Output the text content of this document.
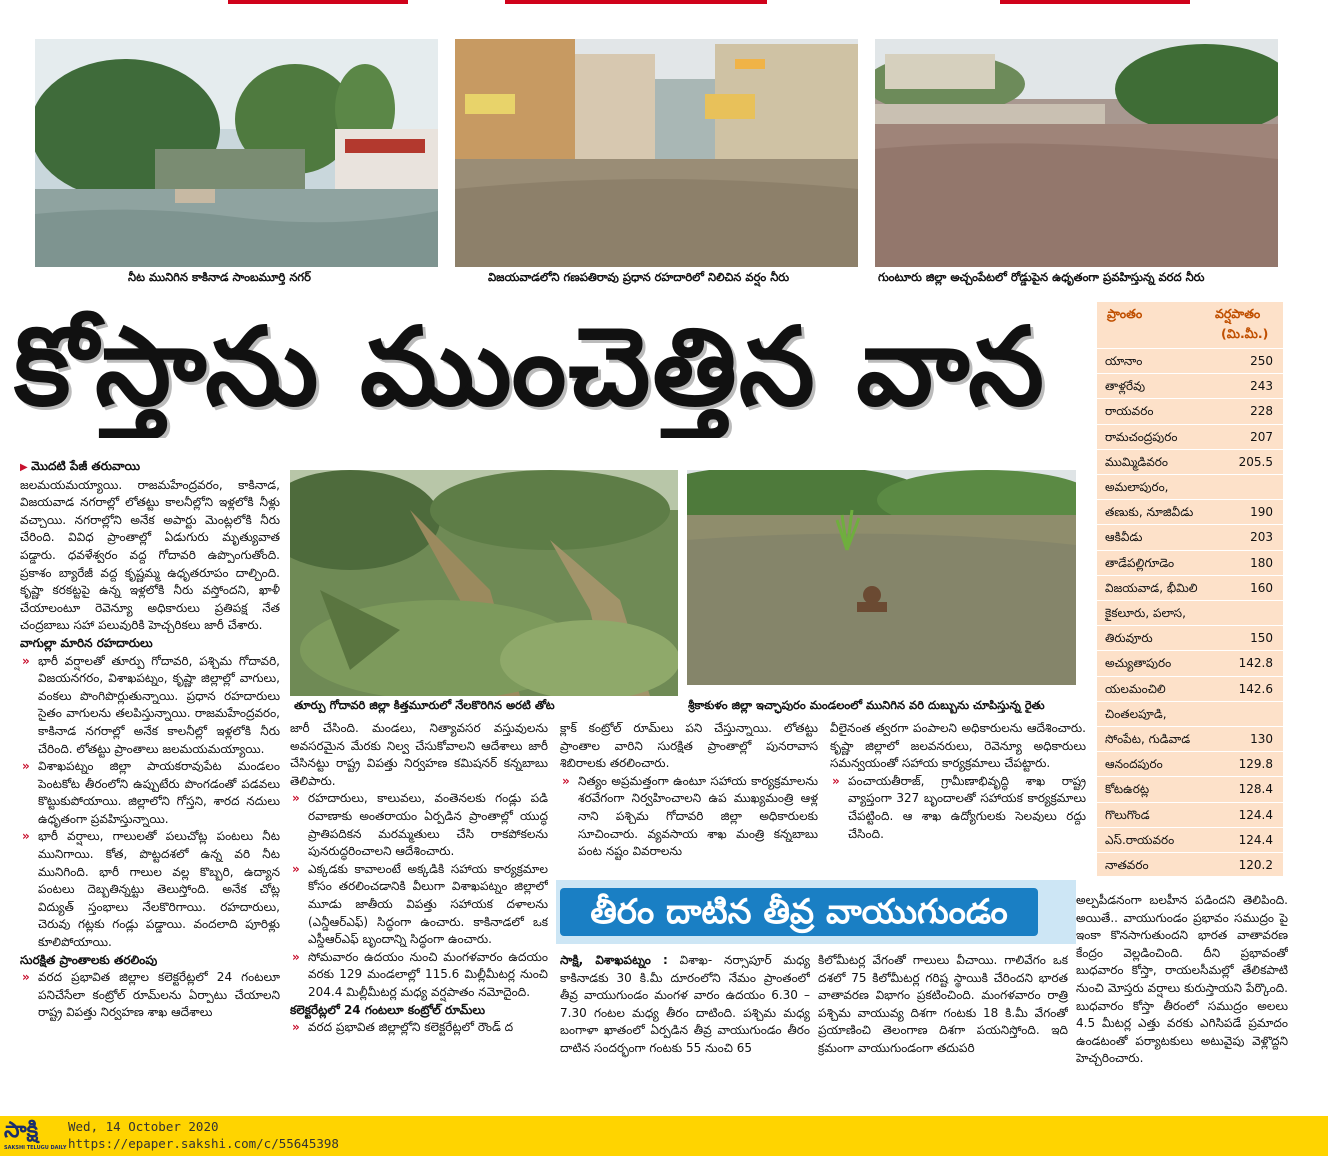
నీట మునిగిన కాకినాడ సాంబమూర్తి నగర్	విజయవాడలోని గణపతిరావు ప్రధాన రహదారిలో నిలిచిన వర్షం నీరు	గుంటూరు జిల్లా అచ్చంపేటలో రోడ్డుపైన ఉధృతంగా ప్రవహిస్తున్న వరద నీరు
కోస్తాను ముంచెత్తిన వాన	ప్రాంతం	వర్షపాతం
(మి.మీ.)
యానాం	250
తాళ్లరేవు	243
రాయవరం	228
రామచంద్రపురం	207
ముమ్మిడివరం	205.5
అమలాపురం,
తణుకు, నూజివీడు	190
ఆకివీడు	203
తాడేపల్లిగూడెం	180
విజయవాడ, భీమిలి	160
కైకలూరు, పలాస,
తిరువూరు	150
అచ్యుతాపురం	142.8
యలమంచిలి	142.6
చింతలపూడి,
సోంపేట, గుడివాడ	130
ఆనందపురం	129.8
కోటఉరట్ల	128.4
గొలుగొండ	124.4
ఎస్.రాయవరం	124.4
నాతవరం	120.2

▶ మొదటి పేజీ తరువాయి

జలమయమయ్యాయి. రాజమహేంద్రవరం, కాకినాడ, విజయవాడ నగరాల్లో లోతట్టు కాలనీల్లోని ఇళ్లలోకి నీళ్లు వచ్చాయి. నగరాల్లోని అనేక అపార్టు మెంట్లలోకి నీరు చేరింది. వివిధ ప్రాంతాల్లో ఏడుగురు మృత్యువాత పడ్డారు. ధవళేశ్వరం వద్ద గోదావరి ఉప్పొంగుతోంది. ప్రకాశం బ్యారేజీ వద్ద కృష్ణమ్మ ఉధృతరూపం దాల్చింది. కృష్ణా కరకట్టపై ఉన్న ఇళ్లలోకి నీరు వస్తోందని, ఖాళీ చేయాలంటూ రెవెన్యూ అధికారులు ప్రతిపక్ష నేత చంద్రబాబు సహా పలువురికి హెచ్చరికలు జారీ చేశారు.

వాగుల్లా మారిన రహదారులు

» భారీ వర్షాలతో తూర్పు గోదావరి, పశ్చిమ గోదావరి, విజయనగరం, విశాఖపట్నం, కృష్ణా జిల్లాల్లో వాగులు, వంకలు పొంగిపొర్లుతున్నాయి. ప్రధాన రహదారులు సైతం వాగులను తలపిస్తున్నాయి. రాజమహేంద్రవరం, కాకినాడ నగరాల్లో అనేక కాలనీల్లో ఇళ్లలోకి నీరు చేరింది. లోతట్టు ప్రాంతాలు జలమయమయ్యాయి.

» విశాఖపట్నం జిల్లా పాయకరావుపేట మండలం పెంటకోట తీరంలోని ఉప్పుటేరు పొంగడంతో పడవలు కొట్టుకుపోయాయి. జిల్లాలోని గోస్తని, శారద నదులు ఉధృతంగా ప్రవహిస్తున్నాయి.

» భారీ వర్షాలు, గాలులతో పలుచోట్ల పంటలు నీట మునిగాయి. కోత, పొట్టదశలో ఉన్న వరి నీట మునిగింది. భారీ గాలుల వల్ల కొబ్బరి, ఉద్యాన పంటలు దెబ్బతిన్నట్టు తెలుస్తోంది. అనేక చోట్ల విద్యుత్ స్తంభాలు నేలకొరిగాయి. రహదారులు, చెరువు గట్లకు గండ్లు పడ్డాయి. వందలాది పూరిళ్లు కూలిపోయాయి.

సురక్షిత ప్రాంతాలకు తరలింపు

» వరద ప్రభావిత జిల్లాల కలెక్టరేట్లలో 24 గంటలూ పనిచేసేలా కంట్రోల్ రూమ్‌లను ఏర్పాటు చేయాలని రాష్ట్ర విపత్తు నిర్వహణ శాఖ ఆదేశాలు

తూర్పు గోదావరి జిల్లా కిత్తమూరులో నేలకొరిగిన అరటి తోట	శ్రీకాకుళం జిల్లా ఇచ్ఛాపురం మండలంలో మునిగిన వరి దుబ్బును చూపిస్తున్న రైతు

జారీ చేసింది. మండలు, నిత్యావసర వస్తువులను అవసరమైన మేరకు నిల్వ చేసుకోవాలని ఆదేశాలు జారీ చేసినట్టు రాష్ట్ర విపత్తు నిర్వహణ కమిషనర్ కన్నబాబు తెలిపారు.

» రహదారులు, కాలువలు, వంతెనలకు గండ్లు పడి రవాణాకు అంతరాయం ఏర్పడిన ప్రాంతాల్లో యుద్ధ ప్రాతిపదికన మరమ్మతులు చేసి రాకపోకలను పునరుద్ధరించాలని ఆదేశించారు.

» ఎక్కడకు కావాలంటే అక్కడికి సహాయ కార్యక్రమాల కోసం తరలించడానికి వీలుగా విశాఖపట్నం జిల్లాలో మూడు జాతీయ విపత్తు సహాయక దళాలను (ఎన్డీఆర్ఎఫ్) సిద్ధంగా ఉంచారు. కాకినాడలో ఒక ఎస్డీఆర్ఎఫ్ బృందాన్ని సిద్ధంగా ఉంచారు.

» సోమవారం ఉదయం నుంచి మంగళవారం ఉదయం వరకు 129 మండలాల్లో 115.6 మిల్లీమీటర్ల నుంచి 204.4 మిల్లీమీటర్ల మధ్య వర్షపాతం నమోదైంది.

కలెక్టరేట్లలో 24 గంటలూ కంట్రోల్ రూమ్‌లు

» వరద ప్రభావిత జిల్లాల్లోని కలెక్టరేట్లలో రౌండ్ ద

క్లాక్ కంట్రోల్ రూమ్‌లు పని చేస్తున్నాయి. లోతట్టు ప్రాంతాల వారిని సురక్షిత ప్రాంతాల్లో పునరావాస శిబిరాలకు తరలించారు.

» నిత్యం అప్రమత్తంగా ఉంటూ సహాయ కార్యక్రమాలను శరవేగంగా నిర్వహించాలని ఉప ముఖ్యమంత్రి ఆళ్ల నాని పశ్చిమ గోదావరి జిల్లా అధికారులకు సూచించారు. వ్యవసాయ శాఖ మంత్రి కన్నబాబు పంట నష్టం వివరాలను

వీలైనంత త్వరగా పంపాలని అధికారులను ఆదేశించారు. కృష్ణా జిల్లాలో జలవనరులు, రెవెన్యూ అధికారులు సమన్వయంతో సహాయ కార్యక్రమాలు చేపట్టారు.

» పంచాయతీరాజ్, గ్రామీణాభివృద్ధి శాఖ రాష్ట్ర వ్యాప్తంగా 327 బృందాలతో సహాయక కార్యక్రమాలు చేపట్టింది. ఆ శాఖ ఉద్యోగులకు సెలవులు రద్దు చేసింది.

తీరం దాటిన తీవ్ర వాయుగుండం

సాక్షి, విశాఖపట్నం : విశాఖ- నర్సాపూర్ మధ్య కాకినాడకు 30 కి.మీ దూరంలోని నేమం ప్రాంతంలో తీవ్ర వాయుగుండం మంగళ వారం ఉదయం 6.30 – 7.30 గంటల మధ్య తీరం దాటింది. పశ్చిమ మధ్య బంగాళా ఖాతంలో ఏర్పడిన తీవ్ర వాయుగుండం తీరం దాటిన సందర్భంగా గంటకు 55 నుంచి 65

కిలోమీటర్ల వేగంతో గాలులు వీచాయి. గాలివేగం ఒక దశలో 75 కిలోమీటర్ల గరిష్ట స్థాయికి చేరిందని భారత వాతావరణ విభాగం ప్రకటించింది. మంగళవారం రాత్రి పశ్చిమ వాయువ్య దిశగా గంటకు 18 కి.మీ వేగంతో ప్రయాణించి తెలంగాణ దిశగా పయనిస్తోంది. ఇది క్రమంగా వాయుగుండంగా తదుపరి

అల్పపీడనంగా బలహీన పడిందని తెలిపింది. అయితే.. వాయుగుండం ప్రభావం సముద్రం పై ఇంకా కొనసాగుతుందని భారత వాతావరణ కేంద్రం వెల్లడించింది. దీని ప్రభావంతో బుధవారం కోస్తా, రాయలసీమల్లో తేలికపాటి నుంచి మోస్తరు వర్షాలు కురుస్తాయని పేర్కొంది. బుధవారం కోస్తా తీరంలో సముద్రం అలలు 4.5 మీటర్ల ఎత్తు వరకు ఎగిసిపడే ప్రమాదం ఉండటంతో పర్యాటకులు అటువైపు వెళ్లొద్దని హెచ్చరించారు.

సాక్షి
SAKSHI TELUGU DAILY
Wed, 14 October 2020
https://epaper.sakshi.com/c/55645398
